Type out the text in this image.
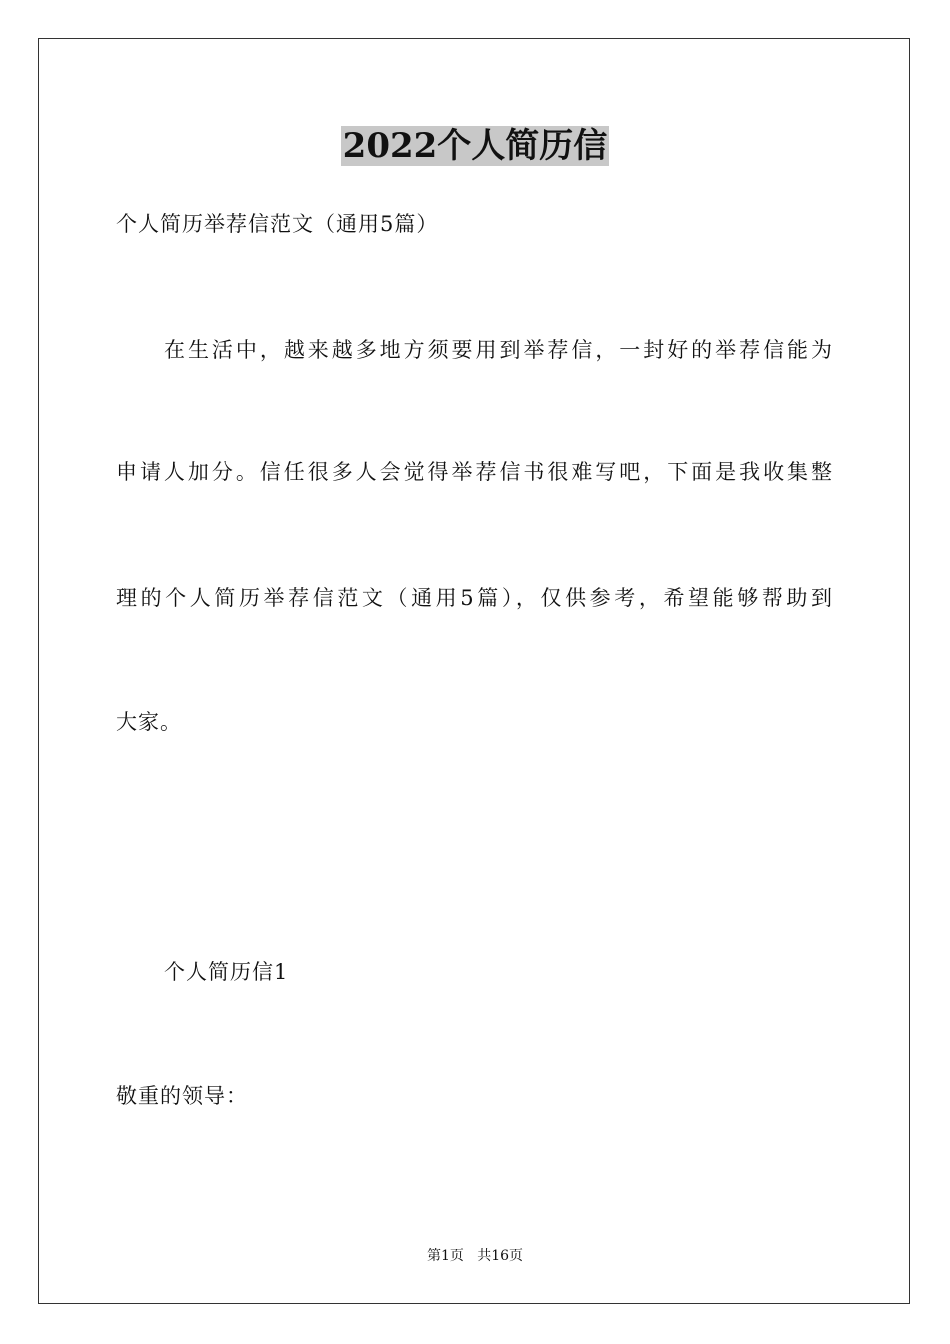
2022个人简历信
个人简历举荐信范文（通用5篇）
在生活中，越来越多地方须要用到举荐信，一封好的举荐信能为
申请人加分。信任很多人会觉得举荐信书很难写吧，下面是我收集整
理的个人简历举荐信范文（通用5篇），仅供参考，希望能够帮助到
大家。
个人简历信1
敬重的领导：
第1页   共16页
